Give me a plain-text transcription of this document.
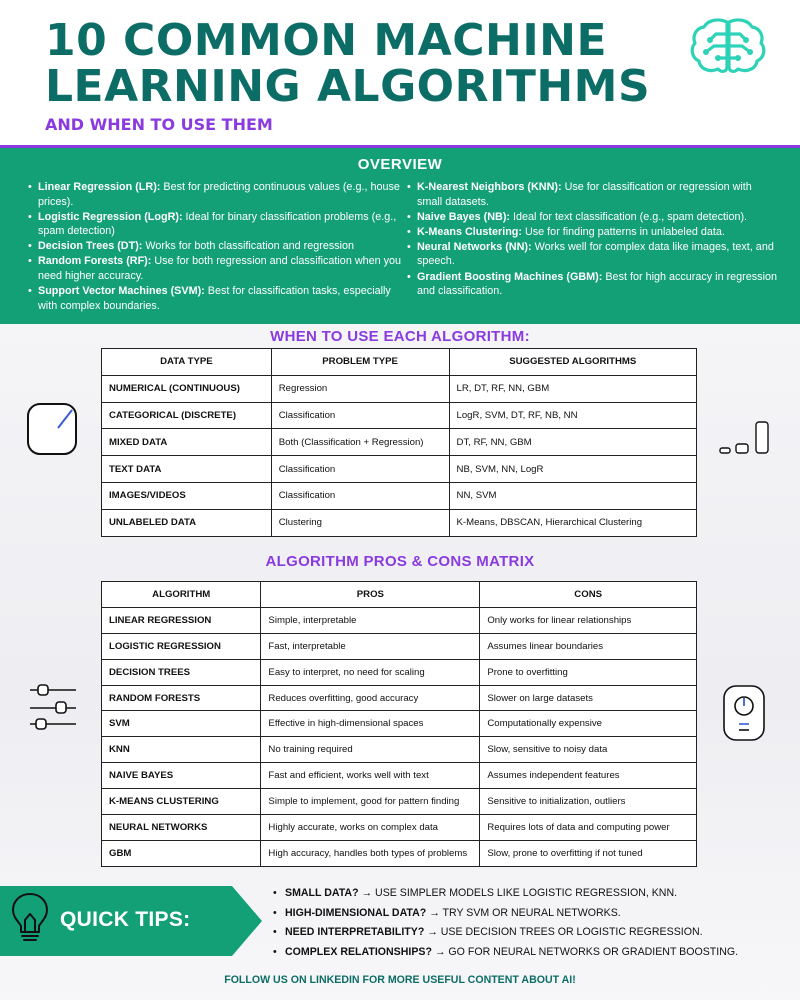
10 COMMON MACHINE
LEARNING ALGORITHMS
AND WHEN TO USE THEM
OVERVIEW
• Linear Regression (LR): Best for predicting continuous values (e.g., house prices).
• Logistic Regression (LogR): Ideal for binary classification problems (e.g., spam detection)
• Decision Trees (DT): Works for both classification and regression
• Random Forests (RF): Use for both regression and classification when you need higher accuracy.
• Support Vector Machines (SVM): Best for classification tasks, especially with complex boundaries.
• K-Nearest Neighbors (KNN): Use for classification or regression with small datasets.
• Naive Bayes (NB): Ideal for text classification (e.g., spam detection).
• K-Means Clustering: Use for finding patterns in unlabeled data.
• Neural Networks (NN): Works well for complex data like images, text, and speech.
• Gradient Boosting Machines (GBM): Best for high accuracy in regression and classification.
WHEN TO USE EACH ALGORITHM:
DATA TYPE	PROBLEM TYPE	SUGGESTED ALGORITHMS
NUMERICAL (CONTINUOUS)	Regression	LR, DT, RF, NN, GBM
CATEGORICAL (DISCRETE)	Classification	LogR, SVM, DT, RF, NB, NN
MIXED DATA	Both (Classification + Regression)	DT, RF, NN, GBM
TEXT DATA	Classification	NB, SVM, NN, LogR
IMAGES/VIDEOS	Classification	NN, SVM
UNLABELED DATA	Clustering	K-Means, DBSCAN, Hierarchical Clustering
ALGORITHM PROS & CONS MATRIX
ALGORITHM	PROS	CONS
LINEAR REGRESSION	Simple, interpretable	Only works for linear relationships
LOGISTIC REGRESSION	Fast, interpretable	Assumes linear boundaries
DECISION TREES	Easy to interpret, no need for scaling	Prone to overfitting
RANDOM FORESTS	Reduces overfitting, good accuracy	Slower on large datasets
SVM	Effective in high-dimensional spaces	Computationally expensive
KNN	No training required	Slow, sensitive to noisy data
NAIVE BAYES	Fast and efficient, works well with text	Assumes independent features
K-MEANS CLUSTERING	Simple to implement, good for pattern finding	Sensitive to initialization, outliers
NEURAL NETWORKS	Highly accurate, works on complex data	Requires lots of data and computing power
GBM	High accuracy, handles both types of problems	Slow, prone to overfitting if not tuned
QUICK TIPS:
• SMALL DATA? → USE SIMPLER MODELS LIKE LOGISTIC REGRESSION, KNN.
• HIGH-DIMENSIONAL DATA? → TRY SVM OR NEURAL NETWORKS.
• NEED INTERPRETABILITY? → USE DECISION TREES OR LOGISTIC REGRESSION.
• COMPLEX RELATIONSHIPS? → GO FOR NEURAL NETWORKS OR GRADIENT BOOSTING.
FOLLOW US ON LINKEDIN FOR MORE USEFUL CONTENT ABOUT AI!
